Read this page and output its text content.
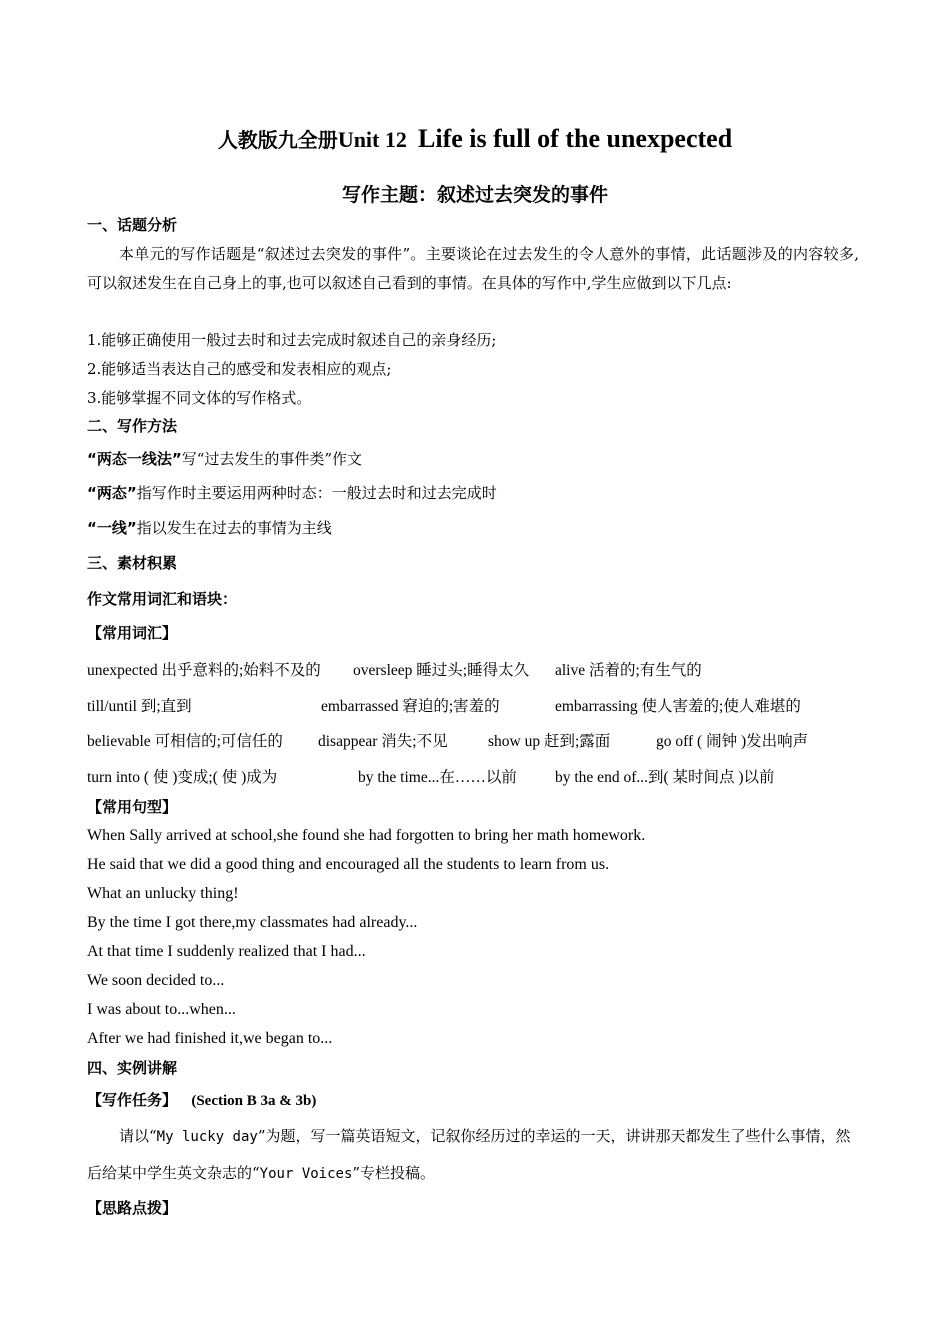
人教版九全册Unit 12 Life is full of the unexpected
写作主题：叙述过去突发的事件
一、话题分析
本单元的写作话题是“叙述过去突发的事件”。主要谈论在过去发生的令人意外的事情，此话题涉及的内容较多,可以叙述发生在自己身上的事,也可以叙述自己看到的事情。在具体的写作中,学生应做到以下几点:
1.能够正确使用一般过去时和过去完成时叙述自己的亲身经历;
2.能够适当表达自己的感受和发表相应的观点;
3.能够掌握不同文体的写作格式。
二、写作方法
“两态一线法”写“过去发生的事件类”作文
“两态”指写作时主要运用两种时态：一般过去时和过去完成时
“一线”指以发生在过去的事情为主线
三、素材积累
作文常用词汇和语块：
【常用词汇】
unexpected 出乎意料的;始料不及的 oversleep 睡过头;睡得太久 alive 活着的;有生气的
till/until 到;直到	embarrassed 窘迫的;害羞的	embarrassing 使人害羞的;使人难堪的
believable 可相信的;可信任的 disappear 消失;不见	show up 赶到;露面	go off ( 闹钟 )发出响声
turn into ( 使 )变成;( 使 )成为	by the time...在……以前 by the end of...到( 某时间点 )以前
【常用句型】
When Sally arrived at school,she found she had forgotten to bring her math homework.
He said that we did a good thing and encouraged all the students to learn from us.
What an unlucky thing!
By the time I got there,my classmates had already...
At that time I suddenly realized that I had...
We soon decided to...
I was about to...when...
After we had finished it,we began to...
四、实例讲解
【写作任务】 (Section B 3a & 3b)
请以“My lucky day”为题，写一篇英语短文，记叙你经历过的幸运的一天，讲讲那天都发生了些什么事情，然后给某中学生英文杂志的“Your Voices”专栏投稿。
【思路点拨】
